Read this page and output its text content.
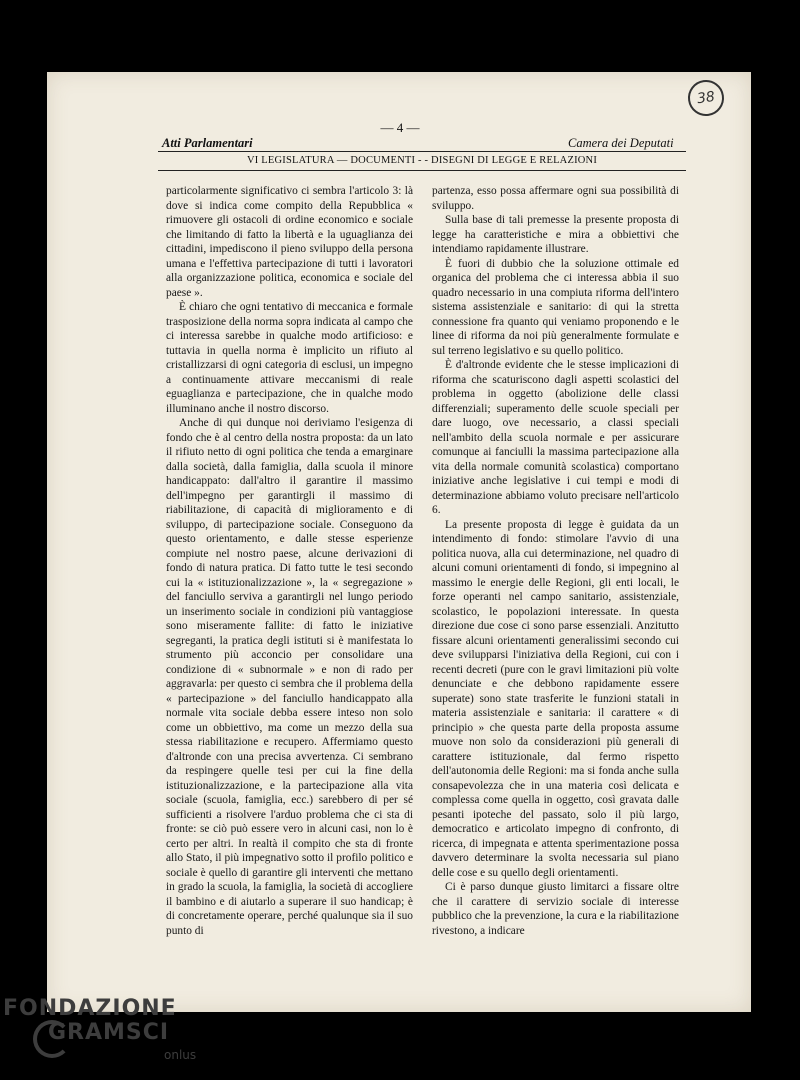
38
— 4 —
Atti Parlamentari	Camera dei Deputati
VI LEGISLATURA — DOCUMENTI - - DISEGNI DI LEGGE E RELAZIONI

particolarmente significativo ci sembra l'articolo 3: là dove si indica come compito della Repubblica « rimuovere gli ostacoli di ordine economico e sociale che limitando di fatto la libertà e la uguaglianza dei cittadini, impediscono il pieno sviluppo della persona umana e l'effettiva partecipazione di tutti i lavoratori alla organizzazione politica, economica e sociale del paese ».

È chiaro che ogni tentativo di meccanica e formale trasposizione della norma sopra indicata al campo che ci interessa sarebbe in qualche modo artificioso: e tuttavia in quella norma è implicito un rifiuto al cristallizzarsi di ogni categoria di esclusi, un impegno a continuamente attivare meccanismi di reale eguaglianza e partecipazione, che in qualche modo illuminano anche il nostro discorso.

Anche di qui dunque noi deriviamo l'esigenza di fondo che è al centro della nostra proposta: da un lato il rifiuto netto di ogni politica che tenda a emarginare dalla società, dalla famiglia, dalla scuola il minore handicappato: dall'altro il garantire il massimo dell'impegno per garantirgli il massimo di riabilitazione, di capacità di miglioramento e di sviluppo, di partecipazione sociale. Conseguono da questo orientamento, e dalle stesse esperienze compiute nel nostro paese, alcune derivazioni di fondo di natura pratica. Di fatto tutte le tesi secondo cui la « istituzionalizzazione », la « segregazione » del fanciullo serviva a garantirgli nel lungo periodo un inserimento sociale in condizioni più vantaggiose sono miseramente fallite: di fatto le iniziative segreganti, la pratica degli istituti si è manifestata lo strumento più acconcio per consolidare una condizione di « subnormale » e non di rado per aggravarla: per questo ci sembra che il problema della « partecipazione » del fanciullo handicappato alla normale vita sociale debba essere inteso non solo come un obbiettivo, ma come un mezzo della sua stessa riabilitazione e recupero. Affermiamo questo d'altronde con una precisa avvertenza. Ci sembrano da respingere quelle tesi per cui la fine della istituzionalizzazione, e la partecipazione alla vita sociale (scuola, famiglia, ecc.) sarebbero di per sé sufficienti a risolvere l'arduo problema che ci sta di fronte: se ciò può essere vero in alcuni casi, non lo è certo per altri. In realtà il compito che sta di fronte allo Stato, il più impegnativo sotto il profilo politico e sociale è quello di garantire gli interventi che mettano in grado la scuola, la famiglia, la società di accogliere il bambino e di aiutarlo a superare il suo handicap; è di concretamente operare, perché qualunque sia il suo punto di

partenza, esso possa affermare ogni sua possibilità di sviluppo.

Sulla base di tali premesse la presente proposta di legge ha caratteristiche e mira a obbiettivi che intendiamo rapidamente illustrare.

È fuori di dubbio che la soluzione ottimale ed organica del problema che ci interessa abbia il suo quadro necessario in una compiuta riforma dell'intero sistema assistenziale e sanitario: di qui la stretta connessione fra quanto qui veniamo proponendo e le linee di riforma da noi più generalmente formulate e sul terreno legislativo e su quello politico.

È d'altronde evidente che le stesse implicazioni di riforma che scaturiscono dagli aspetti scolastici del problema in oggetto (abolizione delle classi differenziali; superamento delle scuole speciali per dare luogo, ove necessario, a classi speciali nell'ambito della scuola normale e per assicurare comunque ai fanciulli la massima partecipazione alla vita della normale comunità scolastica) comportano iniziative anche legislative i cui tempi e modi di determinazione abbiamo voluto precisare nell'articolo 6.

La presente proposta di legge è guidata da un intendimento di fondo: stimolare l'avvio di una politica nuova, alla cui determinazione, nel quadro di alcuni comuni orientamenti di fondo, si impegnino al massimo le energie delle Regioni, gli enti locali, le forze operanti nel campo sanitario, assistenziale, scolastico, le popolazioni interessate. In questa direzione due cose ci sono parse essenziali. Anzitutto fissare alcuni orientamenti generalissimi secondo cui deve svilupparsi l'iniziativa della Regioni, cui con i recenti decreti (pure con le gravi limitazioni più volte denunciate e che debbono rapidamente essere superate) sono state trasferite le funzioni statali in materia assistenziale e sanitaria: il carattere « di principio » che questa parte della proposta assume muove non solo da considerazioni più generali di carattere istituzionale, dal fermo rispetto dell'autonomia delle Regioni: ma si fonda anche sulla consapevolezza che in una materia così delicata e complessa come quella in oggetto, così gravata dalle pesanti ipoteche del passato, solo il più largo, democratico e articolato impegno di confronto, di ricerca, di impegnata e attenta sperimentazione possa davvero determinare la svolta necessaria sul piano delle cose e su quello degli orientamenti.

Ci è parso dunque giusto limitarci a fissare oltre che il carattere di servizio sociale di interesse pubblico che la prevenzione, la cura e la riabilitazione rivestono, a indicare

FONDAZIONE
GRAMSCI
onlus
